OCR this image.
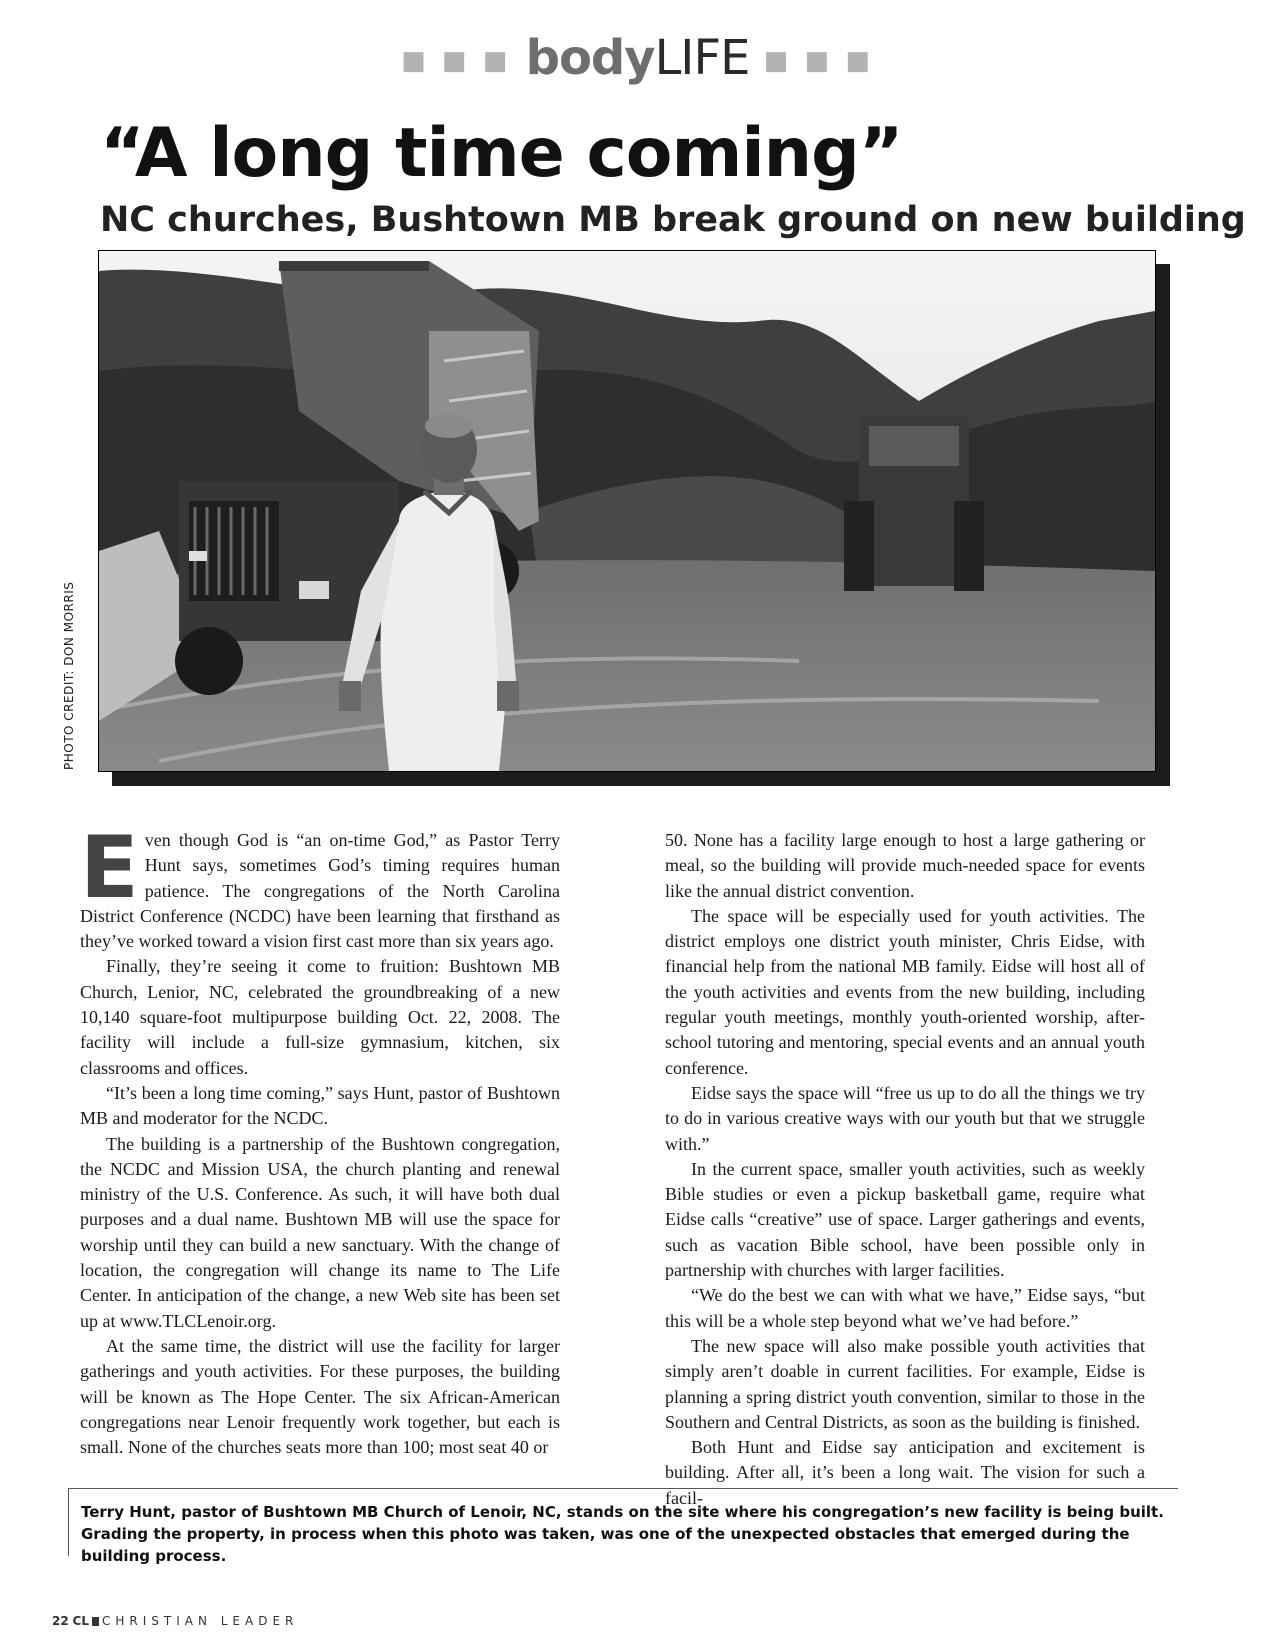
■ ■ ■ bodyLIFE ■ ■ ■
“A long time coming”
NC churches, Bushtown MB break ground on new building
PHOTO CREDIT: DON MORRIS

Even though God is “an on-time God,” as Pastor Terry Hunt says, sometimes God’s timing requires human patience. The congregations of the North Carolina District Conference (NCDC) have been learning that firsthand as they’ve worked toward a vision first cast more than six years ago.

Finally, they’re seeing it come to fruition: Bushtown MB Church, Lenior, NC, celebrated the groundbreaking of a new 10,140 square-foot multipurpose building Oct. 22, 2008. The facility will include a full-size gymnasium, kitchen, six classrooms and offices.

“It’s been a long time coming,” says Hunt, pastor of Bushtown MB and moderator for the NCDC.

The building is a partnership of the Bushtown congregation, the NCDC and Mission USA, the church planting and renewal ministry of the U.S. Conference. As such, it will have both dual purposes and a dual name. Bushtown MB will use the space for worship until they can build a new sanctuary. With the change of location, the congregation will change its name to The Life Center. In anticipation of the change, a new Web site has been set up at www.TLCLenoir.org.

At the same time, the district will use the facility for larger gatherings and youth activities. For these purposes, the building will be known as The Hope Center. The six African-American congregations near Lenoir frequently work together, but each is small. None of the churches seats more than 100; most seat 40 or

50. None has a facility large enough to host a large gathering or meal, so the building will provide much-needed space for events like the annual district convention.

The space will be especially used for youth activities. The district employs one district youth minister, Chris Eidse, with financial help from the national MB family. Eidse will host all of the youth activities and events from the new building, including regular youth meetings, monthly youth-oriented worship, after-school tutoring and mentoring, special events and an annual youth conference.

Eidse says the space will “free us up to do all the things we try to do in various creative ways with our youth but that we struggle with.”

In the current space, smaller youth activities, such as weekly Bible studies or even a pickup basketball game, require what Eidse calls “creative” use of space. Larger gatherings and events, such as vacation Bible school, have been possible only in partnership with churches with larger facilities.

“We do the best we can with what we have,” Eidse says, “but this will be a whole step beyond what we’ve had before.”

The new space will also make possible youth activities that simply aren’t doable in current facilities. For example, Eidse is planning a spring district youth convention, similar to those in the Southern and Central Districts, as soon as the building is finished.

Both Hunt and Eidse say anticipation and excitement is building. After all, it’s been a long wait. The vision for such a facil-

Terry Hunt, pastor of Bushtown MB Church of Lenoir, NC, stands on the site where his congregation’s new facility is being built. Grading the property, in process when this photo was taken, was one of the unexpected obstacles that emerged during the building process.

22 CL CHRISTIAN LEADER
